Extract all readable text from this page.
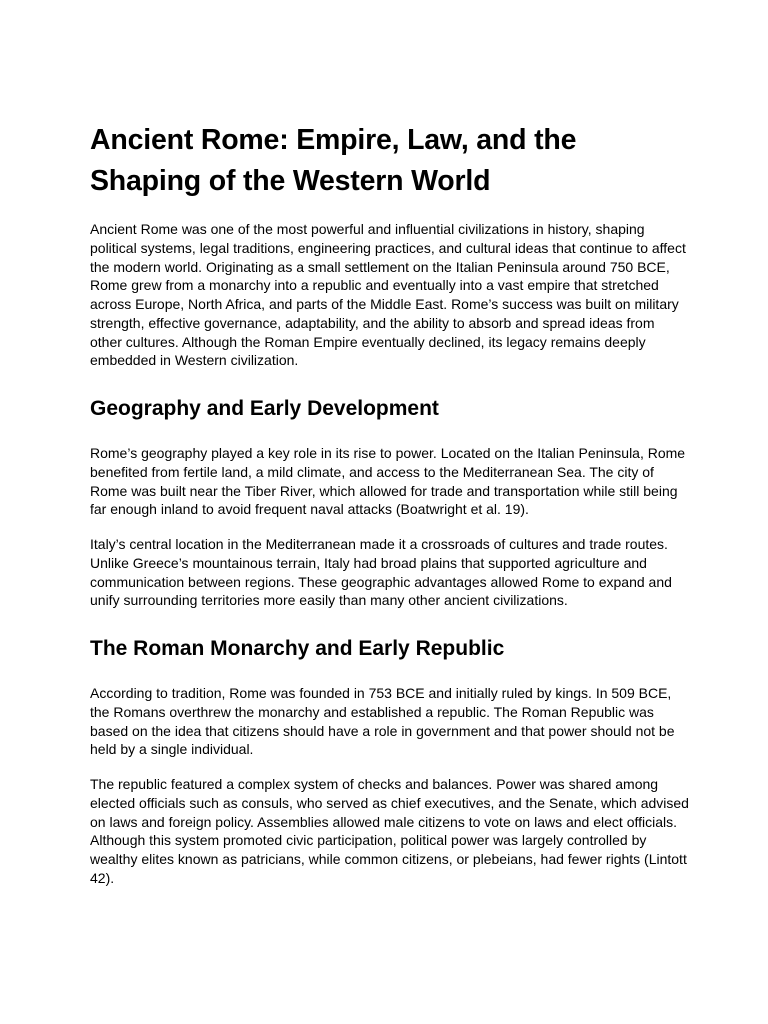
Ancient Rome: Empire, Law, and the Shaping of the Western World

Ancient Rome was one of the most powerful and influential civilizations in history, shaping political systems, legal traditions, engineering practices, and cultural ideas that continue to affect the modern world. Originating as a small settlement on the Italian Peninsula around 750 BCE, Rome grew from a monarchy into a republic and eventually into a vast empire that stretched across Europe, North Africa, and parts of the Middle East. Rome’s success was built on military strength, effective governance, adaptability, and the ability to absorb and spread ideas from other cultures. Although the Roman Empire eventually declined, its legacy remains deeply embedded in Western civilization.

Geography and Early Development

Rome’s geography played a key role in its rise to power. Located on the Italian Peninsula, Rome benefited from fertile land, a mild climate, and access to the Mediterranean Sea. The city of Rome was built near the Tiber River, which allowed for trade and transportation while still being far enough inland to avoid frequent naval attacks (Boatwright et al. 19).

Italy’s central location in the Mediterranean made it a crossroads of cultures and trade routes. Unlike Greece’s mountainous terrain, Italy had broad plains that supported agriculture and communication between regions. These geographic advantages allowed Rome to expand and unify surrounding territories more easily than many other ancient civilizations.

The Roman Monarchy and Early Republic

According to tradition, Rome was founded in 753 BCE and initially ruled by kings. In 509 BCE, the Romans overthrew the monarchy and established a republic. The Roman Republic was based on the idea that citizens should have a role in government and that power should not be held by a single individual.

The republic featured a complex system of checks and balances. Power was shared among elected officials such as consuls, who served as chief executives, and the Senate, which advised on laws and foreign policy. Assemblies allowed male citizens to vote on laws and elect officials. Although this system promoted civic participation, political power was largely controlled by wealthy elites known as patricians, while common citizens, or plebeians, had fewer rights (Lintott 42).
